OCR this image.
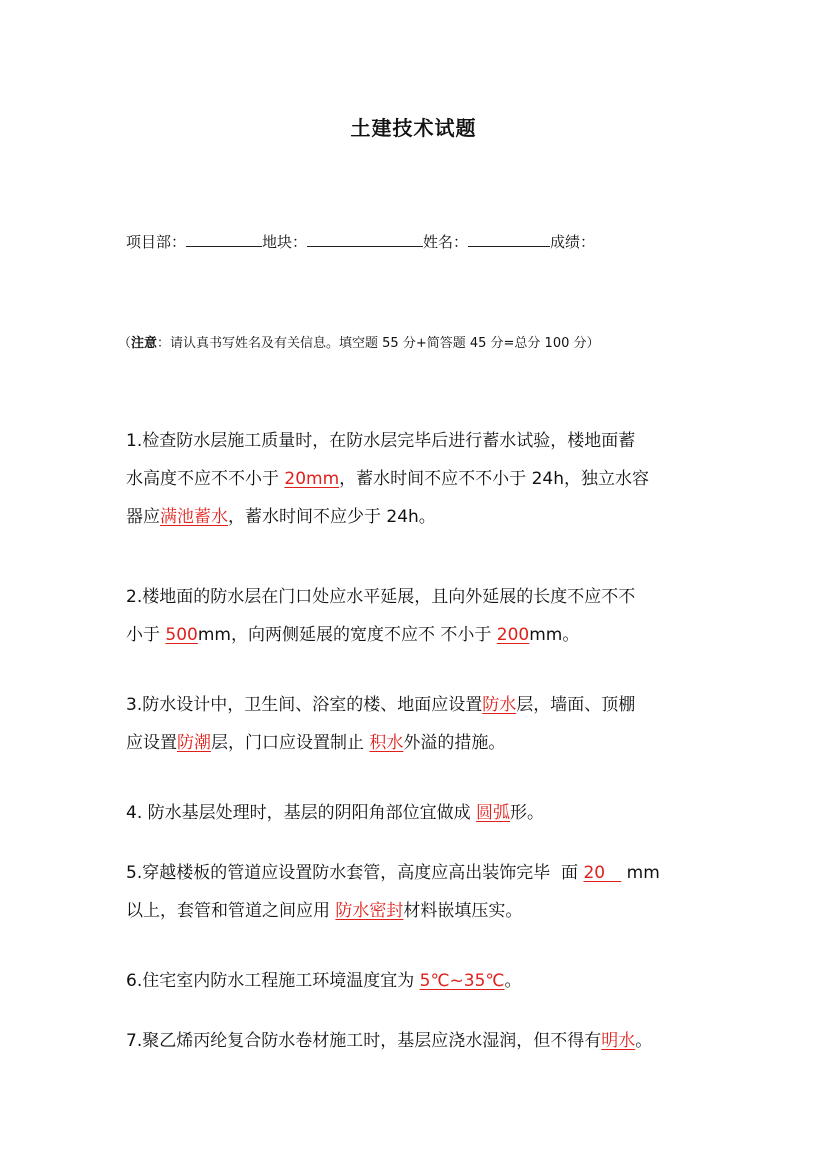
土建技术试题
项目部：	地块：	姓名：	成绩：
（注意：请认真书写姓名及有关信息。填空题 55 分+简答题 45 分=总分 100 分）
1.检查防水层施工质量时，在防水层完毕后进行蓄水试验，楼地面蓄
水高度不应不不小于 20mm，蓄水时间不应不不小于 24h，独立水容
器应满池蓄水，蓄水时间不应少于 24h。
2.楼地面的防水层在门口处应水平延展，且向外延展的长度不应不不
小于 500mm，向两侧延展的宽度不应不 不小于 200mm。
3.防水设计中，卫生间、浴室的楼、地面应设置防水层，墙面、顶棚
应设置防潮层，门口应设置制止 积水外溢的措施。
4. 防水基层处理时，基层的阴阳角部位宜做成 圆弧形。
5.穿越楼板的管道应设置防水套管，高度应高出装饰完毕  面 20    mm
以上，套管和管道之间应用 防水密封材料嵌填压实。
6.住宅室内防水工程施工环境温度宜为 5℃~35℃。
7.聚乙烯丙纶复合防水卷材施工时，基层应浇水湿润，但不得有明水。
